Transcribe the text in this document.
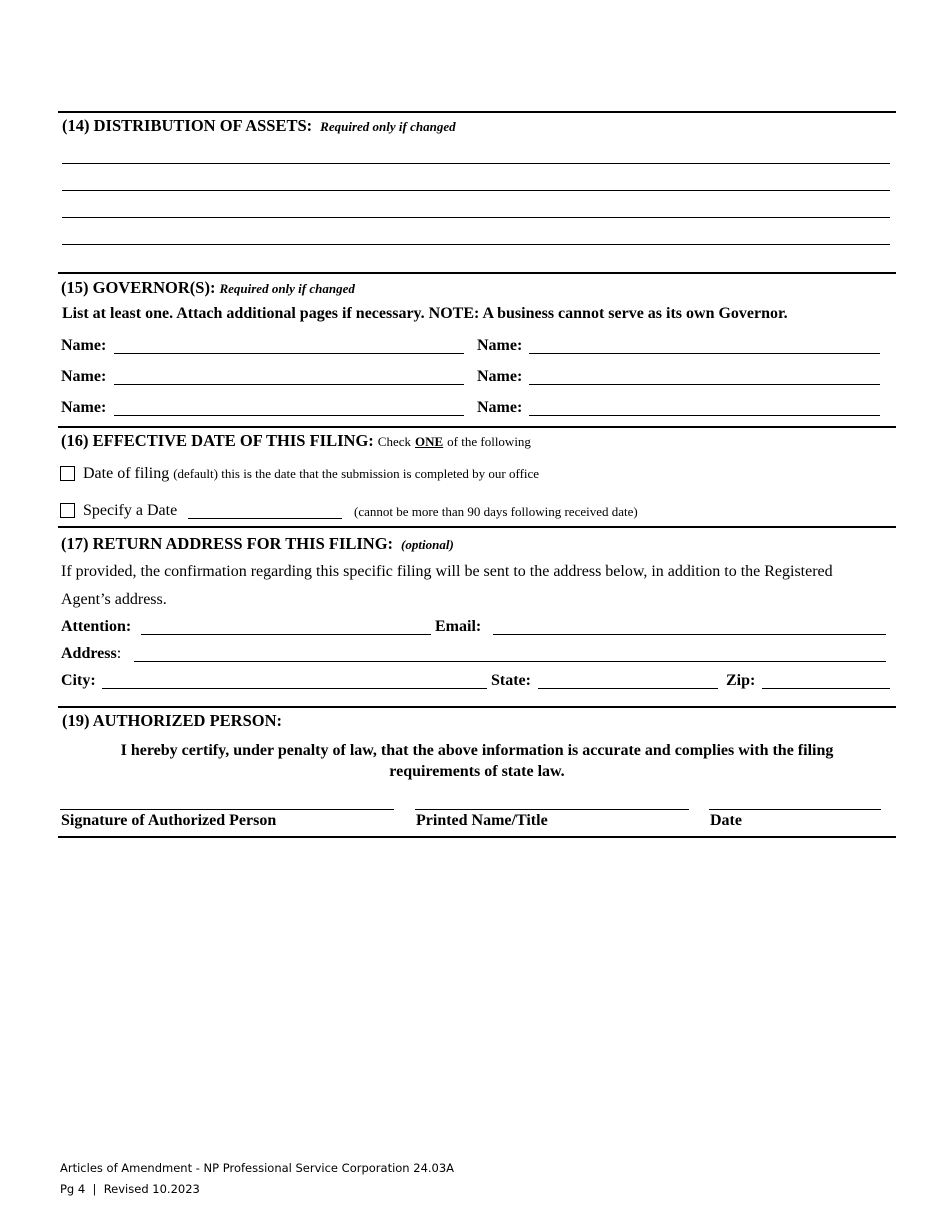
(14) DISTRIBUTION OF ASSETS: Required only if changed
(15) GOVERNOR(S): Required only if changed
List at least one. Attach additional pages if necessary. NOTE: A business cannot serve as its own Governor.
Name:	Name:
Name:	Name:
Name:	Name:
(16) EFFECTIVE DATE OF THIS FILING: Check ONE of the following
Date of filing (default) this is the date that the submission is completed by our office
Specify a Date	(cannot be more than 90 days following received date)
(17) RETURN ADDRESS FOR THIS FILING: (optional)
If provided, the confirmation regarding this specific filing will be sent to the address below, in addition to the Registered
Agent’s address.
Attention:	Email:
Address:
City:	State:	Zip:
(19) AUTHORIZED PERSON:
I hereby certify, under penalty of law, that the above information is accurate and complies with the filing
requirements of state law.
Signature of Authorized Person	Printed Name/Title	Date
Articles of Amendment - NP Professional Service Corporation 24.03A
Pg 4  |  Revised 10.2023
